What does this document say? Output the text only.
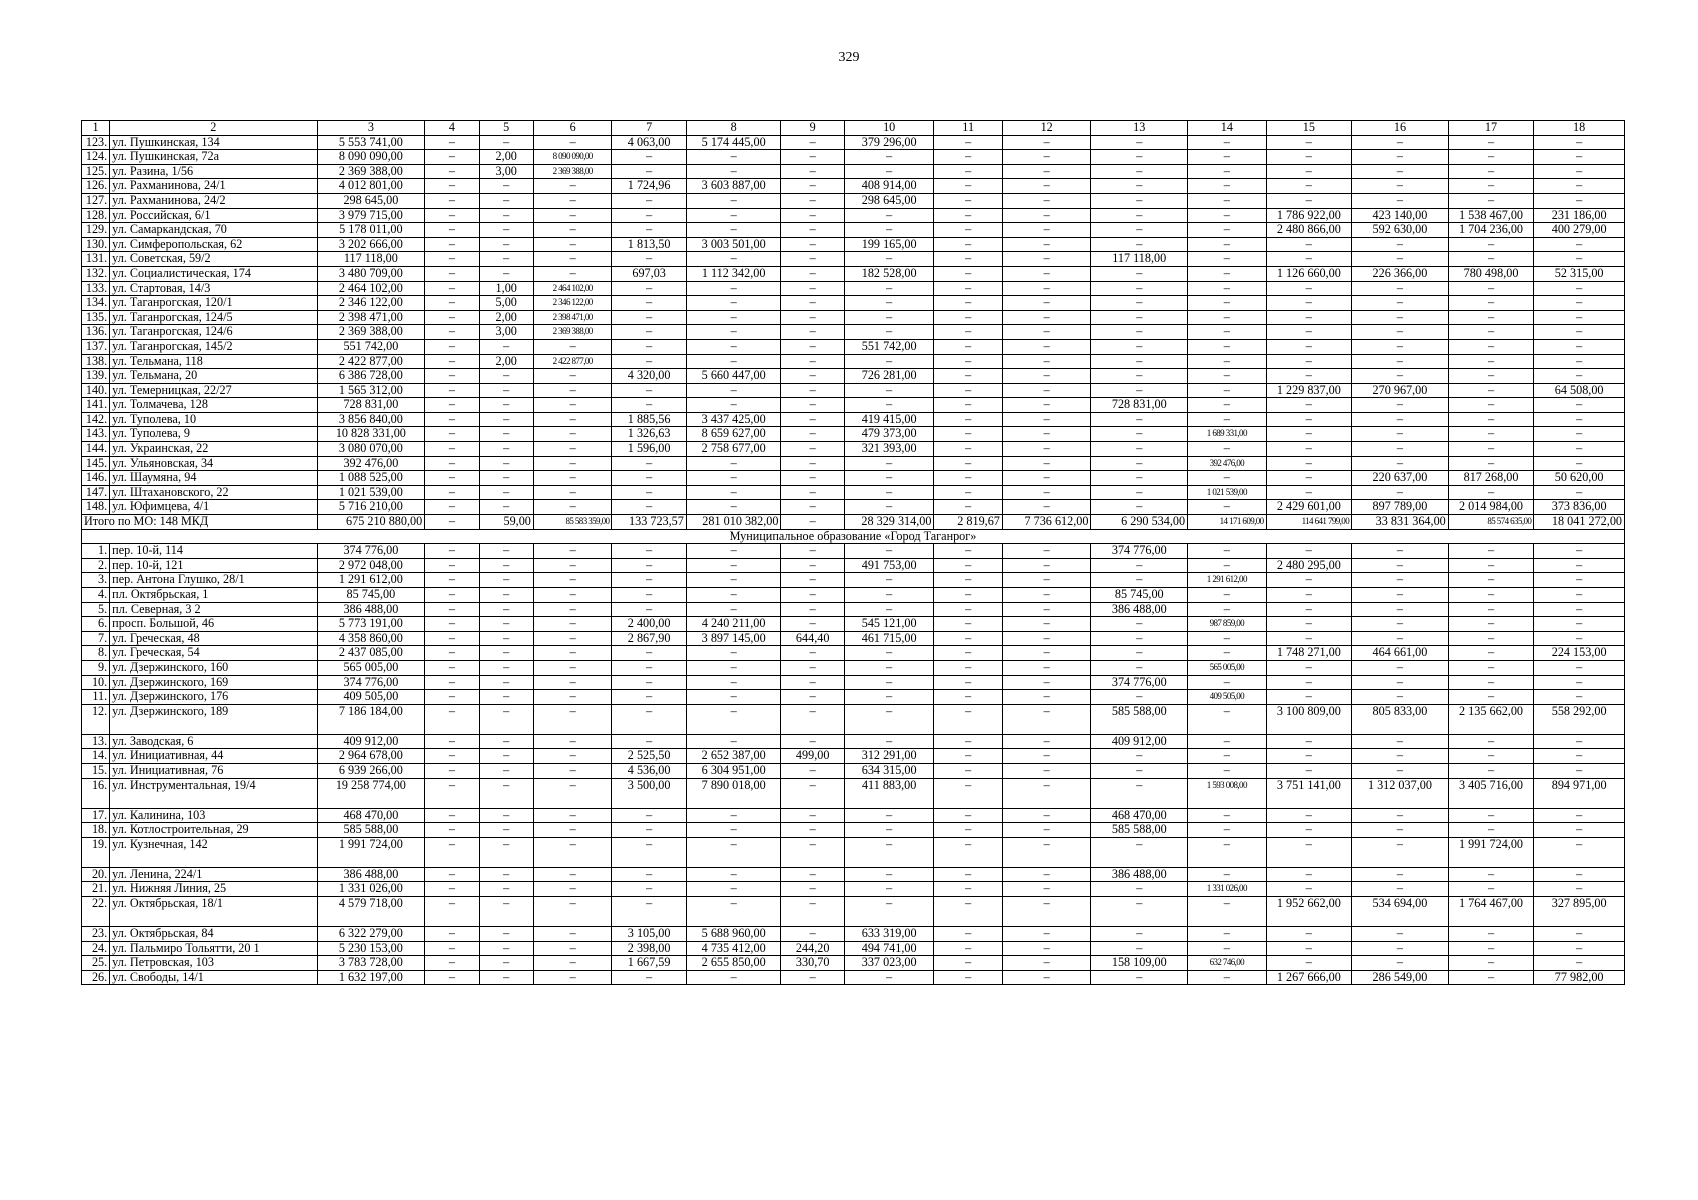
329
1	2	3	4	5	6	7	8	9	10	11	12	13	14	15	16	17	18
123.	ул. Пушкинская, 134	5 553 741,00	–	–	–	4 063,00	5 174 445,00	–	379 296,00	–	–	–	–	–	–	–	–
124.	ул. Пушкинская, 72а	8 090 090,00	–	2,00	8 090 090,00	–	–	–	–	–	–	–	–	–	–	–	–
125.	ул. Разина, 1/56	2 369 388,00	–	3,00	2 369 388,00	–	–	–	–	–	–	–	–	–	–	–	–
126.	ул. Рахманинова, 24/1	4 012 801,00	–	–	–	1 724,96	3 603 887,00	–	408 914,00	–	–	–	–	–	–	–	–
127.	ул. Рахманинова, 24/2	298 645,00	–	–	–	–	–	–	298 645,00	–	–	–	–	–	–	–	–
128.	ул. Российская, 6/1	3 979 715,00	–	–	–	–	–	–	–	–	–	–	–	1 786 922,00	423 140,00	1 538 467,00	231 186,00
129.	ул. Самаркандская, 70	5 178 011,00	–	–	–	–	–	–	–	–	–	–	–	2 480 866,00	592 630,00	1 704 236,00	400 279,00
130.	ул. Симферопольская, 62	3 202 666,00	–	–	–	1 813,50	3 003 501,00	–	199 165,00	–	–	–	–	–	–	–	–
131.	ул. Советская, 59/2	117 118,00	–	–	–	–	–	–	–	–	–	117 118,00	–	–	–	–	–
132.	ул. Социалистическая, 174	3 480 709,00	–	–	–	697,03	1 112 342,00	–	182 528,00	–	–	–	–	1 126 660,00	226 366,00	780 498,00	52 315,00
133.	ул. Стартовая, 14/3	2 464 102,00	–	1,00	2 464 102,00	–	–	–	–	–	–	–	–	–	–	–	–
134.	ул. Таганрогская, 120/1	2 346 122,00	–	5,00	2 346 122,00	–	–	–	–	–	–	–	–	–	–	–	–
135.	ул. Таганрогская, 124/5	2 398 471,00	–	2,00	2 398 471,00	–	–	–	–	–	–	–	–	–	–	–	–
136.	ул. Таганрогская, 124/6	2 369 388,00	–	3,00	2 369 388,00	–	–	–	–	–	–	–	–	–	–	–	–
137.	ул. Таганрогская, 145/2	551 742,00	–	–	–	–	–	–	551 742,00	–	–	–	–	–	–	–	–
138.	ул. Тельмана, 118	2 422 877,00	–	2,00	2 422 877,00	–	–	–	–	–	–	–	–	–	–	–	–
139.	ул. Тельмана, 20	6 386 728,00	–	–	–	4 320,00	5 660 447,00	–	726 281,00	–	–	–	–	–	–	–	–
140.	ул. Темерницкая, 22/27	1 565 312,00	–	–	–	–	–	–	–	–	–	–	–	1 229 837,00	270 967,00	–	64 508,00
141.	ул. Толмачева, 128	728 831,00	–	–	–	–	–	–	–	–	–	728 831,00	–	–	–	–	–
142.	ул. Туполева, 10	3 856 840,00	–	–	–	1 885,56	3 437 425,00	–	419 415,00	–	–	–	–	–	–	–	–
143.	ул. Туполева, 9	10 828 331,00	–	–	–	1 326,63	8 659 627,00	–	479 373,00	–	–	–	1 689 331,00	–	–	–	–
144.	ул. Украинская, 22	3 080 070,00	–	–	–	1 596,00	2 758 677,00	–	321 393,00	–	–	–	–	–	–	–	–
145.	ул. Ульяновская, 34	392 476,00	–	–	–	–	–	–	–	–	–	–	392 476,00	–	–	–	–
146.	ул. Шаумяна, 94	1 088 525,00	–	–	–	–	–	–	–	–	–	–	–	–	220 637,00	817 268,00	50 620,00
147.	ул. Штахановского, 22	1 021 539,00	–	–	–	–	–	–	–	–	–	–	1 021 539,00	–	–	–	–
148.	ул. Юфимцева, 4/1	5 716 210,00	–	–	–	–	–	–	–	–	–	–	–	2 429 601,00	897 789,00	2 014 984,00	373 836,00
Итого по МО: 148 МКД		675 210 880,00	–	59,00	85 583 359,00	133 723,57	281 010 382,00	–	28 329 314,00	2 819,67	7 736 612,00	6 290 534,00	14 171 609,00	114 641 799,00	33 831 364,00	85 574 635,00	18 041 272,00
Муниципальное образование «Город Таганрог»																	
1.	пер. 10-й, 114	374 776,00	–	–	–	–	–	–	–	–	–	374 776,00	–	–	–	–	–
2.	пер. 10-й, 121	2 972 048,00	–	–	–	–	–	–	491 753,00	–	–	–	–	2 480 295,00	–	–	–
3.	пер. Антона Глушко, 28/1	1 291 612,00	–	–	–	–	–	–	–	–	–	–	1 291 612,00	–	–	–	–
4.	пл. Октябрьская, 1	85 745,00	–	–	–	–	–	–	–	–	–	85 745,00	–	–	–	–	–
5.	пл. Северная, 3 2	386 488,00	–	–	–	–	–	–	–	–	–	386 488,00	–	–	–	–	–
6.	просп. Большой, 46	5 773 191,00	–	–	–	2 400,00	4 240 211,00	–	545 121,00	–	–	–	987 859,00	–	–	–	–
7.	ул. Греческая, 48	4 358 860,00	–	–	–	2 867,90	3 897 145,00	644,40	461 715,00	–	–	–	–	–	–	–	–
8.	ул. Греческая, 54	2 437 085,00	–	–	–	–	–	–	–	–	–	–	–	1 748 271,00	464 661,00	–	224 153,00
9.	ул. Дзержинского, 160	565 005,00	–	–	–	–	–	–	–	–	–	–	565 005,00	–	–	–	–
10.	ул. Дзержинского, 169	374 776,00	–	–	–	–	–	–	–	–	–	374 776,00	–	–	–	–	–
11.	ул. Дзержинского, 176	409 505,00	–	–	–	–	–	–	–	–	–	–	409 505,00	–	–	–	–
12.	ул. Дзержинского, 189	7 186 184,00	–	–	–	–	–	–	–	–	–	585 588,00	–	3 100 809,00	805 833,00	2 135 662,00	558 292,00
13.	ул. Заводская, 6	409 912,00	–	–	–	–	–	–	–	–	–	409 912,00	–	–	–	–	–
14.	ул. Инициативная, 44	2 964 678,00	–	–	–	2 525,50	2 652 387,00	499,00	312 291,00	–	–	–	–	–	–	–	–
15.	ул. Инициативная, 76	6 939 266,00	–	–	–	4 536,00	6 304 951,00	–	634 315,00	–	–	–	–	–	–	–	–
16.	ул. Инструментальная, 19/4	19 258 774,00	–	–	–	3 500,00	7 890 018,00	–	411 883,00	–	–	–	1 593 008,00	3 751 141,00	1 312 037,00	3 405 716,00	894 971,00
17.	ул. Калинина, 103	468 470,00	–	–	–	–	–	–	–	–	–	468 470,00	–	–	–	–	–
18.	ул. Котлостроительная, 29	585 588,00	–	–	–	–	–	–	–	–	–	585 588,00	–	–	–	–	–
19.	ул. Кузнечная, 142	1 991 724,00	–	–	–	–	–	–	–	–	–	–	–	–	–	1 991 724,00	–
20.	ул. Ленина, 224/1	386 488,00	–	–	–	–	–	–	–	–	–	386 488,00	–	–	–	–	–
21.	ул. Нижняя Линия, 25	1 331 026,00	–	–	–	–	–	–	–	–	–	–	1 331 026,00	–	–	–	–
22.	ул. Октябрьская, 18/1	4 579 718,00	–	–	–	–	–	–	–	–	–	–	–	1 952 662,00	534 694,00	1 764 467,00	327 895,00
23.	ул. Октябрьская, 84	6 322 279,00	–	–	–	3 105,00	5 688 960,00	–	633 319,00	–	–	–	–	–	–	–	–
24.	ул. Пальмиро Тольятти, 20 1	5 230 153,00	–	–	–	2 398,00	4 735 412,00	244,20	494 741,00	–	–	–	–	–	–	–	–
25.	ул. Петровская, 103	3 783 728,00	–	–	–	1 667,59	2 655 850,00	330,70	337 023,00	–	–	158 109,00	632 746,00	–	–	–	–
26.	ул. Свободы, 14/1	1 632 197,00	–	–	–	–	–	–	–	–	–	–	–	1 267 666,00	286 549,00	–	77 982,00
